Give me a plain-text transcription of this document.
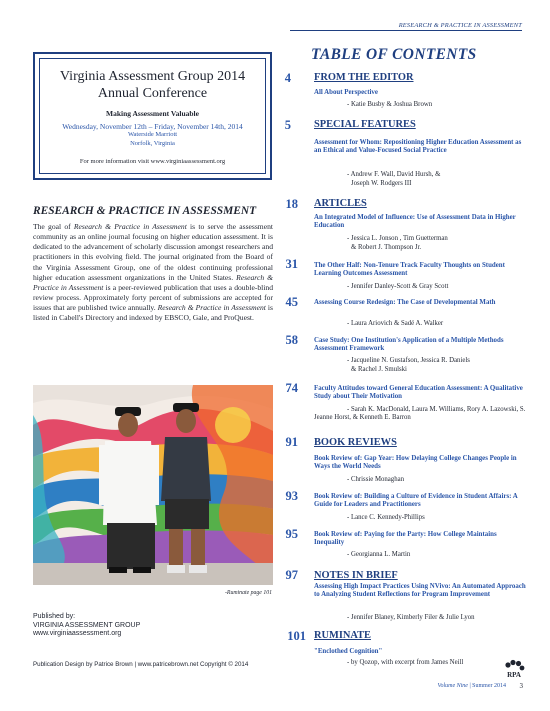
RESEARCH & PRACTICE IN ASSESSMENT
Virginia Assessment Group 2014
Annual Conference
Making Assessment Valuable
Wednesday, November 12th – Friday, November 14th, 2014
Waterside Marriott
Norfolk, Virginia
For more information visit www.virginiaassessment.org
RESEARCH & PRACTICE IN ASSESSMENT
The goal of Research & Practice in Assessment is to serve the assessment community as an online journal focusing on higher education assessment. It is dedicated to the advancement of scholarly discussion amongst researchers and practitioners in this evolving field. The journal originated from the Board of the Virginia Assessment Group, one of the oldest continuing professional higher education assessment organizations in the United States. Research & Practice in Assessment is a peer-reviewed publication that uses a double-blind review process. Approximately forty percent of submissions are accepted for issues that are published twice annually. Research & Practice in Assessment is listed in Cabell's Directory and indexed by EBSCO, Gale, and ProQuest.
-Ruminate page 101
Published by:
VIRGINIA ASSESSMENT GROUP
www.virginiaassessment.org
Publication Design by Patrice Brown | www.patricebrown.net Copyright © 2014
TABLE OF CONTENTS
4 FROM THE EDITOR
All About Perspective
- Katie Busby & Joshua Brown
5 SPECIAL FEATURES
Assessment for Whom: Repositioning Higher Education Assessment as an Ethical and Value-Focused Social Practice
- Andrew F. Wall, David Hursh, &
Joseph W. Rodgers III
18 ARTICLES
An Integrated Model of Influence: Use of Assessment Data in Higher Education
- Jessica L. Jonson , Tim Guetterman
& Robert J. Thompson Jr.
31 The Other Half: Non-Tenure Track Faculty Thoughts on Student Learning Outcomes Assessment
- Jennifer Danley-Scott & Gray Scott
45 Assessing Course Redesign: The Case of Developmental Math
- Laura Ariovich & Sadé A. Walker
58 Case Study: One Institution's Application of a Multiple Methods Assessment Framework
- Jacqueline N. Gustafson, Jessica R. Daniels
& Rachel J. Smulski
74 Faculty Attitudes toward General Education Assessment: A Qualitative Study about Their Motivation
- Sarah K. MacDonald, Laura M. Williams, Rory A. Lazowski, S. Jeanne Horst, & Kenneth E. Barron
91 BOOK REVIEWS
Book Review of: Gap Year: How Delaying College Changes People in Ways the World Needs
- Chrissie Monaghan
93 Book Review of: Building a Culture of Evidence in Student Affairs: A Guide for Leaders and Practitioners
- Lance C. Kennedy-Phillips
95 Book Review of: Paying for the Party: How College Maintains Inequality
- Georgianna L. Martin
97 NOTES IN BRIEF
Assessing High Impact Practices Using NVivo: An Automated Approach to Analyzing Student Reflections for Program Improvement
- Jennifer Blaney, Kimberly Filer & Julie Lyon
101 RUMINATE
"Enclothed Cognition"
- by Qozop, with excerpt from James Neill
RPA
Volume Nine | Summer 2014 3
